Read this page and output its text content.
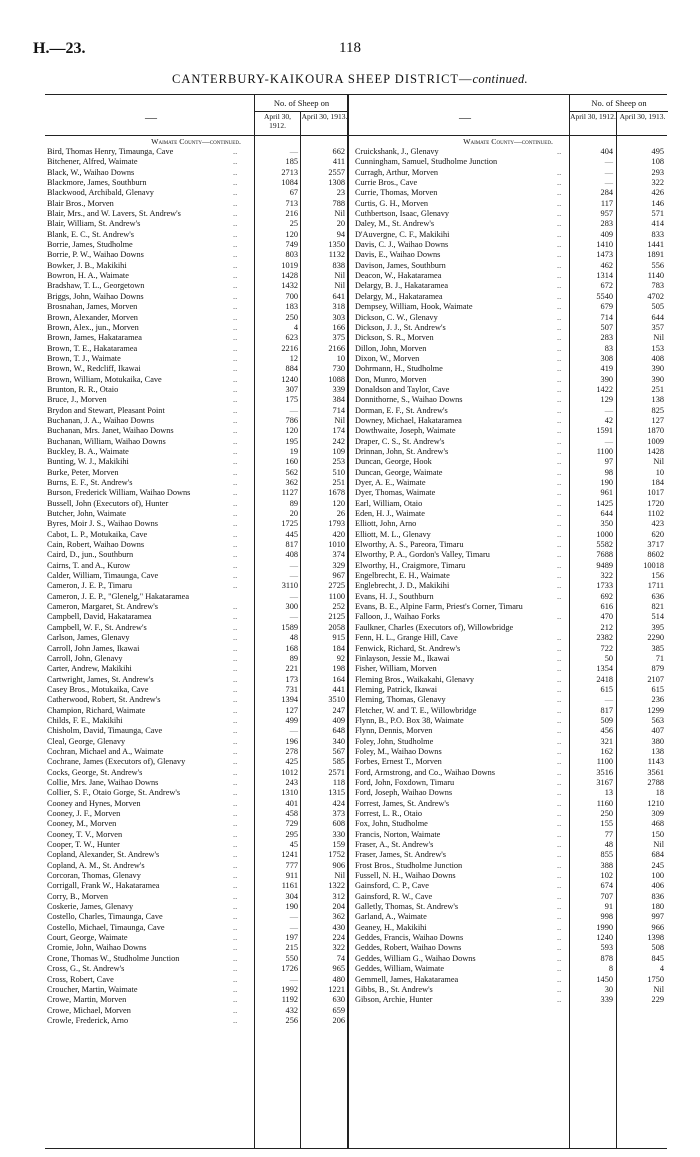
H.—23.	118
CANTERBURY-KAIKOURA SHEEP DISTRICT—continued.
—
No. of Sheep on
April 30, 1912.
April 30, 1913.
Waimate County—continued.
Bird, Thomas Henry, Timaunga, Cave	..	—	662
Bitchener, Alfred, Waimate	..	185	411
Black, W., Waihao Downs	..	2713	2557
Blackmore, James, Southburn	..	1084	1308
Blackwood, Archibald, Glenavy	..	67	23
Blair Bros., Morven	..	713	788
Blair, Mrs., and W. Lavers, St. Andrew's	..	216	Nil
Blair, William, St. Andrew's	..	25	20
Blank, E. C., St. Andrew's	..	120	94
Borrie, James, Studholme	..	749	1350
Borrie, P. W., Waihao Downs	..	803	1132
Bowker, J. B., Makikihi	..	1019	838
Bowron, H. A., Waimate	..	1428	Nil
Bradshaw, T. L., Georgetown	..	1432	Nil
Briggs, John, Waihao Downs	..	700	641
Brosnahan, James, Morven	..	183	318
Brown, Alexander, Morven	..	250	303
Brown, Alex., jun., Morven	..	4	166
Brown, James, Hakataramea	..	623	375
Brown, T. E., Hakataramea	..	2216	2166
Brown, T. J., Waimate	..	12	10
Brown, W., Redcliff, Ikawai	..	884	730
Brown, William, Motukaika, Cave	..	1240	1088
Brunton, R. R., Otaio	..	307	339
Bruce, J., Morven	..	175	384
Brydon and Stewart, Pleasant Point	..	—	714
Buchanan, J. A., Waihao Downs	..	786	Nil
Buchanan, Mrs. Janet, Waihao Downs	..	120	174
Buchanan, William, Waihao Downs	..	195	242
Buckley, B. A., Waimate	..	19	109
Bunting, W. J., Makikihi	..	160	253
Burke, Peter, Morven	..	562	510
Burns, E. F., St. Andrew's	..	362	251
Burson, Frederick William, Waihao Downs	..	1127	1678
Bussell, John (Executors of), Hunter	..	89	120
Butcher, John, Waimate	..	20	26
Byres, Moir J. S., Waihao Downs	..	1725	1793
Cabot, L. P., Motukaika, Cave	..	445	420
Cain, Robert, Waihao Downs	..	817	1010
Caird, D., jun., Southburn	..	408	374
Cairns, T. and A., Kurow	..	—	329
Calder, William, Timaunga, Cave	..	—	967
Cameron, J. E. P., Timaru	..	3110	2725
Cameron, J. E. P., "Glenelg," Hakataramea	—	1100
Cameron, Margaret, St. Andrew's	..	300	252
Campbell, David, Hakataramea	..	—	2125
Campbell, W. F., St. Andrew's	..	1589	2058
Carlson, James, Glenavy	..	48	915
Carroll, John James, Ikawai	..	168	184
Carroll, John, Glenavy	..	89	92
Carter, Andrew, Makikihi	..	221	198
Cartwright, James, St. Andrew's	..	173	164
Casey Bros., Motukaika, Cave	..	731	441
Catherwood, Robert, St. Andrew's	..	1394	3510
Champion, Richard, Waimate	..	127	247
Childs, F. E., Makikihi	..	499	409
Chisholm, David, Timaunga, Cave	..	—	648
Cleal, George, Glenavy	..	196	340
Cochran, Michael and A., Waimate	..	278	567
Cochrane, James (Executors of), Glenavy	..	425	585
Cocks, George, St. Andrew's	..	1012	2571
Collie, Mrs. Jane, Waihao Downs	..	243	118
Collier, S. F., Otaio Gorge, St. Andrew's	..	1310	1315
Cooney and Hynes, Morven	..	401	424
Cooney, J. F., Morven	..	458	373
Cooney, M., Morven	..	729	608
Cooney, T. V., Morven	..	295	330
Cooper, T. W., Hunter	..	45	159
Copland, Alexander, St. Andrew's	..	1241	1752
Copland, A. M., St. Andrew's	..	777	906
Corcoran, Thomas, Glenavy	..	911	Nil
Corrigall, Frank W., Hakataramea	..	1161	1322
Corry, B., Morven	..	304	312
Coskerie, James, Glenavy	..	190	204
Costello, Charles, Timaunga, Cave	..	—	362
Costello, Michael, Timaunga, Cave	..	—	430
Court, George, Waimate	..	197	224
Cromie, John, Waihao Downs	..	215	322
Crone, Thomas W., Studholme Junction	..	550	74
Cross, G., St. Andrew's	..	1726	965
Cross, Robert, Cave	..	—	480
Croucher, Martin, Waimate	..	1992	1221
Crowe, Martin, Morven	..	1192	630
Crowe, Michael, Morven	..	432	659
Crowle, Frederick, Arno	..	256	206
—
No. of Sheep on
April 30, 1912. April 30, 1913.
Waimate County—continued.
Cruickshank, J., Glenavy	..	404	495
Cunningham, Samuel, Studholme Junction	—	108
Curragh, Arthur, Morven	..	—	293
Currie Bros., Cave	..	—	322
Currie, Thomas, Morven	..	284	426
Curtis, G. H., Morven	..	117	146
Cuthbertson, Isaac, Glenavy	..	957	571
Daley, M., St. Andrew's	..	283	414
D'Auvergne, C. F., Makikihi	..	409	833
Davis, C. J., Waihao Downs	..	1410	1441
Davis, E., Waihao Downs	..	1473	1891
Davison, James, Southburn	..	462	556
Deacon, W., Hakataramea	..	1314	1140
Delargy, B. J., Hakataramea	..	672	783
Delargy, M., Hakataramea	..	5540	4702
Dempsey, William, Hook, Waimate	..	679	505
Dickson, C. W., Glenavy	..	714	644
Dickson, J. J., St. Andrew's	..	507	357
Dickson, S. R., Morven	..	283	Nil
Dillon, John, Morven	..	83	153
Dixon, W., Morven	..	308	408
Dohrmann, H., Studholme	..	419	390
Don, Munro, Morven	..	390	390
Donaldson and Taylor, Cave	..	1422	251
Donnithorne, S., Waihao Downs	..	129	138
Dorman, E. F., St. Andrew's	..	—	825
Downey, Michael, Hakataramea	..	42	127
Dowthwaite, Joseph, Waimate	..	1591	1870
Draper, C. S., St. Andrew's	..	—	1009
Drinnan, John, St. Andrew's	..	1100	1428
Duncan, George, Hook	..	97	Nil
Duncan, George, Waimate	..	98	10
Dyer, A. E., Waimate	..	190	184
Dyer, Thomas, Waimate	..	961	1017
Earl, William, Otaio	..	1425	1720
Eden, H. J., Waimate	..	644	1102
Elliott, John, Arno	..	350	423
Elliott, M. L., Glenavy	..	1000	620
Elworthy, A. S., Pareora, Timaru	..	5582	3717
Elworthy, P. A., Gordon's Valley, Timaru	..	7688	8602
Elworthy, H., Craigmore, Timaru	..	9489	10018
Engelbrecht, E. H., Waimate	..	322	156
Englebrecht, J. D., Makikihi	..	1733	1711
Evans, H. J., Southburn	..	692	636
Evans, B. E., Alpine Farm, Priest's Corner, Timaru	616	821
Falloon, J., Waihao Forks	..	470	514
Faulkner, Charles (Executors of), Willowbridge	212	395
Fenn, H. L., Grange Hill, Cave	..	2382	2290
Fenwick, Richard, St. Andrew's	..	722	385
Finlayson, Jessie M., Ikawai	..	50	71
Fisher, William, Morven	..	1354	879
Fleming Bros., Waikakahi, Glenavy	..	2418	2107
Fleming, Patrick, Ikawai	..	615	615
Fleming, Thomas, Glenavy	..	—	236
Fletcher, W. and T. E., Willowbridge	..	817	1299
Flynn, B., P.O. Box 38, Waimate	..	509	563
Flynn, Dennis, Morven	..	456	407
Foley, John, Studholme	..	321	380
Foley, M., Waihao Downs	..	162	138
Forbes, Ernest T., Morven	..	1100	1143
Ford, Armstrong, and Co., Waihao Downs	..	3516	3561
Ford, John, Foxdown, Timaru	..	3167	2788
Ford, Joseph, Waihao Downs	..	13	18
Forrest, James, St. Andrew's	..	1160	1210
Forrest, L. R., Otaio	..	250	309
Fox, John, Studholme	..	155	468
Francis, Norton, Waimate	..	77	150
Fraser, A., St. Andrew's	..	48	Nil
Fraser, James, St. Andrew's	..	855	684
Frost Bros., Studholme Junction	..	388	245
Fussell, N. H., Waihao Downs	..	102	100
Gainsford, C. P., Cave	..	674	406
Gainsford, R. W., Cave	..	707	836
Galletly, Thomas, St. Andrew's	..	91	180
Garland, A., Waimate	..	998	997
Geaney, H., Makikihi	..	1990	966
Geddes, Francis, Waihao Downs	..	1240	1398
Geddes, Robert, Waihao Downs	..	593	508
Geddes, William G., Waihao Downs	..	878	845
Geddes, William, Waimate	..	8	4
Gemmell, James, Hakataramea	..	1450	1750
Gibbs, B., St. Andrew's	..	30	Nil
Gibson, Archie, Hunter	..	339	229
